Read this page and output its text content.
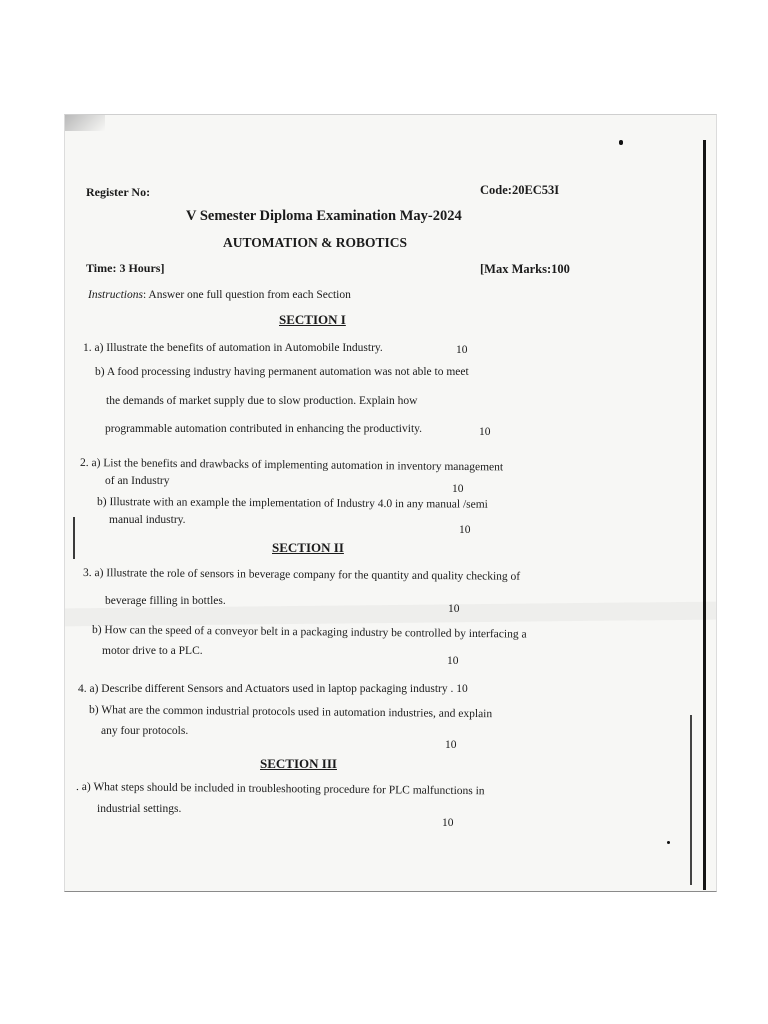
Register No:	Code:20EC53I
V Semester Diploma Examination May-2024
AUTOMATION & ROBOTICS
Time: 3 Hours]	[Max Marks:100
Instructions: Answer one full question from each Section
SECTION I
1. a) Illustrate the benefits of automation in Automobile Industry.	10
b) A food processing industry having permanent automation was not able to meet
the demands of market supply due to slow production. Explain how
programmable automation contributed in enhancing the productivity.	10
2. a) List the benefits and drawbacks of implementing automation in inventory management
of an Industry
10
b) Illustrate with an example the implementation of Industry 4.0 in any manual /semi
manual industry.
10
SECTION II
3. a) Illustrate the role of sensors in beverage company for the quantity and quality checking of
beverage filling in bottles.
10
b) How can the speed of a conveyor belt in a packaging industry be controlled by interfacing a
motor drive to a PLC.
10
4. a) Describe different Sensors and Actuators used in laptop packaging industry . 10
b) What are the common industrial protocols used in automation industries, and explain
any four protocols.
10
SECTION III
. a) What steps should be included in troubleshooting procedure for PLC malfunctions in
industrial settings.
10
